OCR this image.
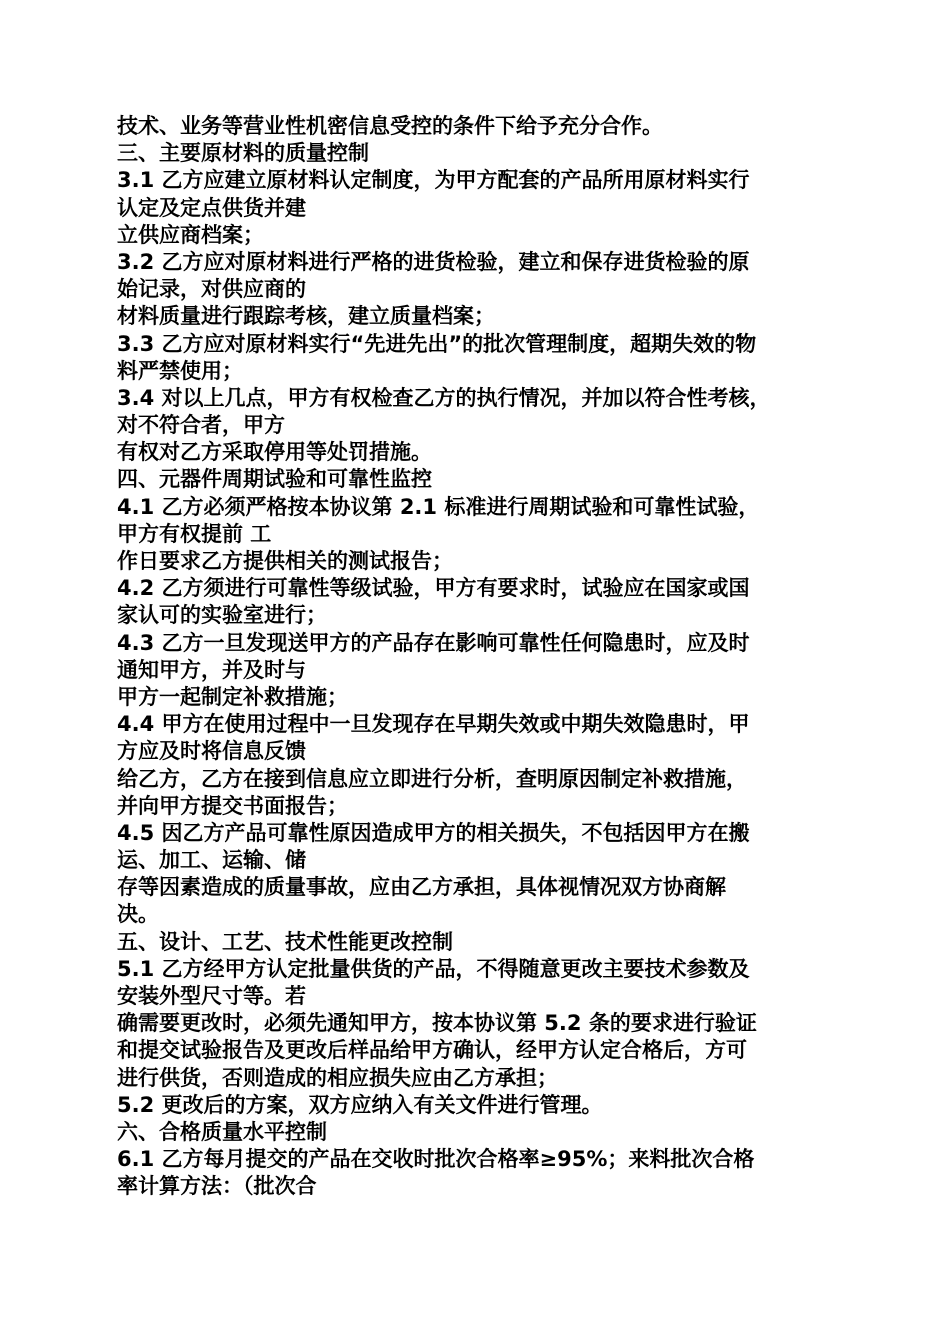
技术、业务等营业性机密信息受控的条件下给予充分合作。
三、主要原材料的质量控制
3.1 乙方应建立原材料认定制度，为甲方配套的产品所用原材料实行
认定及定点供货并建
立供应商档案；
3.2 乙方应对原材料进行严格的进货检验，建立和保存进货检验的原
始记录，对供应商的
材料质量进行跟踪考核，建立质量档案；
3.3 乙方应对原材料实行“先进先出”的批次管理制度，超期失效的物
料严禁使用；
3.4 对以上几点，甲方有权检查乙方的执行情况，并加以符合性考核，
对不符合者，甲方
有权对乙方采取停用等处罚措施。
四、元器件周期试验和可靠性监控
4.1 乙方必须严格按本协议第 2.1 标准进行周期试验和可靠性试验，
甲方有权提前 工
作日要求乙方提供相关的测试报告；
4.2 乙方须进行可靠性等级试验，甲方有要求时，试验应在国家或国
家认可的实验室进行；
4.3 乙方一旦发现送甲方的产品存在影响可靠性任何隐患时，应及时
通知甲方，并及时与
甲方一起制定补救措施；
4.4 甲方在使用过程中一旦发现存在早期失效或中期失效隐患时，甲
方应及时将信息反馈
给乙方，乙方在接到信息应立即进行分析，查明原因制定补救措施，
并向甲方提交书面报告；
4.5 因乙方产品可靠性原因造成甲方的相关损失，不包括因甲方在搬
运、加工、运输、储
存等因素造成的质量事故，应由乙方承担，具体视情况双方协商解
决。
五、设计、工艺、技术性能更改控制
5.1 乙方经甲方认定批量供货的产品，不得随意更改主要技术参数及
安装外型尺寸等。若
确需要更改时，必须先通知甲方，按本协议第 5.2 条的要求进行验证
和提交试验报告及更改后样品给甲方确认，经甲方认定合格后，方可
进行供货，否则造成的相应损失应由乙方承担；
5.2 更改后的方案，双方应纳入有关文件进行管理。
六、合格质量水平控制
6.1 乙方每月提交的产品在交收时批次合格率≥95%；来料批次合格
率计算方法：（批次合
